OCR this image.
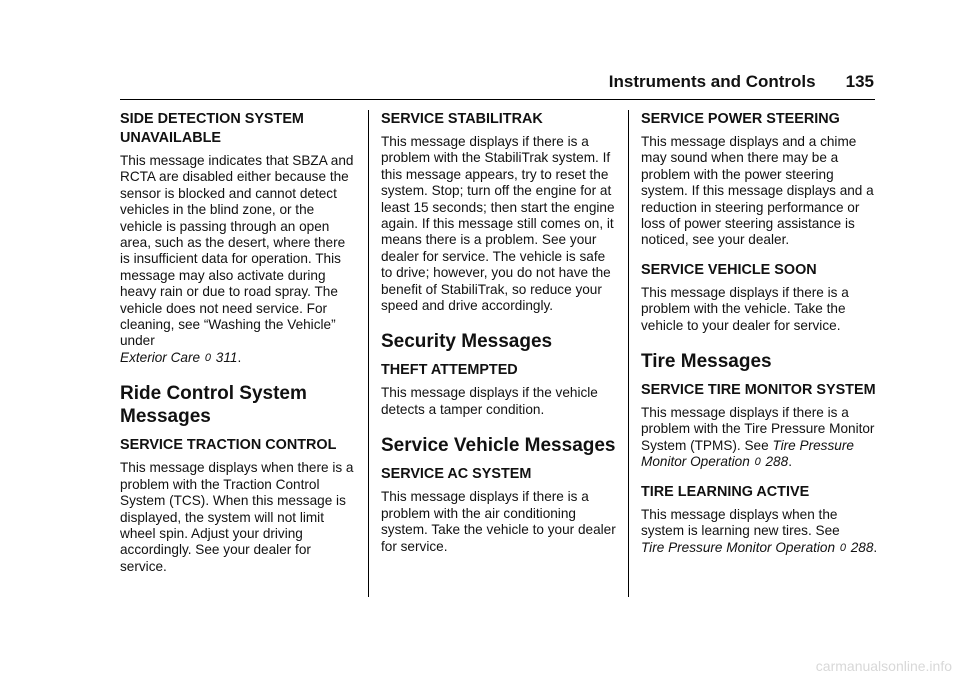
Instruments and Controls 135
SIDE DETECTION SYSTEM UNAVAILABLE

This message indicates that SBZA and RCTA are disabled either because the sensor is blocked and cannot detect vehicles in the blind zone, or the vehicle is passing through an open area, such as the desert, where there is insufficient data for operation. This message may also activate during heavy rain or due to road spray. The vehicle does not need service. For cleaning, see “Washing the Vehicle” under
Exterior Care 0 311.

Ride Control System Messages
SERVICE TRACTION CONTROL

This message displays when there is a problem with the Traction Control System (TCS). When this message is displayed, the system will not limit wheel spin. Adjust your driving accordingly. See your dealer for service.

SERVICE STABILITRAK

This message displays if there is a problem with the StabiliTrak system. If this message appears, try to reset the system. Stop; turn off the engine for at least 15 seconds; then start the engine again. If this message still comes on, it means there is a problem. See your dealer for service. The vehicle is safe to drive; however, you do not have the benefit of StabiliTrak, so reduce your speed and drive accordingly.

Security Messages
THEFT ATTEMPTED

This message displays if the vehicle detects a tamper condition.

Service Vehicle Messages
SERVICE AC SYSTEM

This message displays if there is a problem with the air conditioning system. Take the vehicle to your dealer for service.

SERVICE POWER STEERING

This message displays and a chime may sound when there may be a problem with the power steering system. If this message displays and a reduction in steering performance or loss of power steering assistance is noticed, see your dealer.

SERVICE VEHICLE SOON

This message displays if there is a problem with the vehicle. Take the vehicle to your dealer for service.

Tire Messages
SERVICE TIRE MONITOR SYSTEM

This message displays if there is a problem with the Tire Pressure Monitor System (TPMS). See Tire Pressure Monitor Operation 0 288.

TIRE LEARNING ACTIVE

This message displays when the system is learning new tires. See
Tire Pressure Monitor Operation 0 288.

carmanualsonline.info
